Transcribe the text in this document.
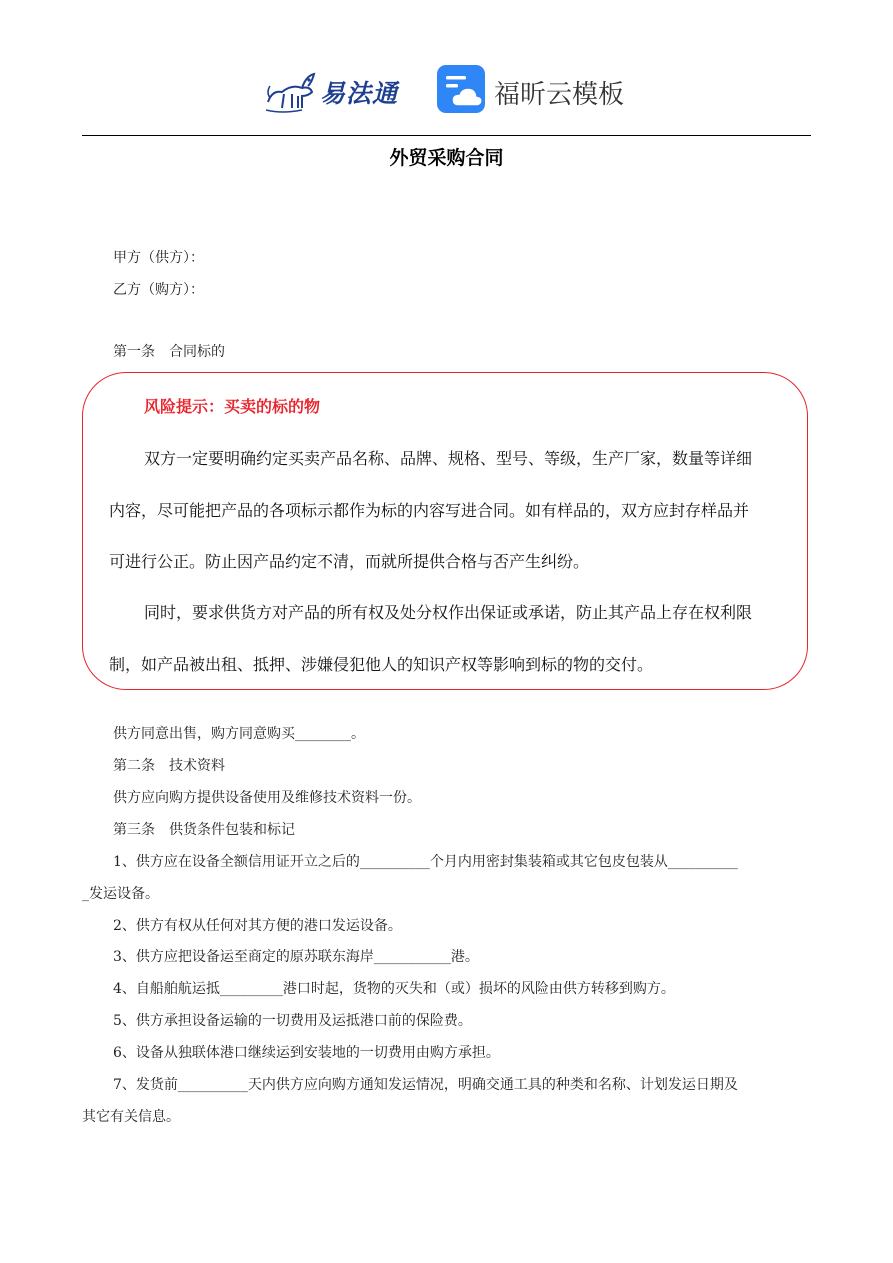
易法通	福昕云模板
外贸采购合同
甲方（供方）：
乙方（购方）：
第一条　合同标的
风险提示：买卖的标的物
双方一定要明确约定买卖产品名称、品牌、规格、型号、等级，生产厂家，数量等详细
内容，尽可能把产品的各项标示都作为标的内容写进合同。如有样品的，双方应封存样品并
可进行公正。防止因产品约定不清，而就所提供合格与否产生纠纷。
同时，要求供货方对产品的所有权及处分权作出保证或承诺，防止其产品上存在权利限
制，如产品被出租、抵押、涉嫌侵犯他人的知识产权等影响到标的物的交付。
供方同意出售，购方同意购买________。
第二条　技术资料
供方应向购方提供设备使用及维修技术资料一份。
第三条　供货条件包装和标记
1、供方应在设备全额信用证开立之后的__________个月内用密封集装箱或其它包皮包装从__________
_发运设备。
2、供方有权从任何对其方便的港口发运设备。
3、供方应把设备运至商定的原苏联东海岸___________港。
4、自船舶航运抵_________港口时起，货物的灭失和（或）损坏的风险由供方转移到购方。
5、供方承担设备运输的一切费用及运抵港口前的保险费。
6、设备从独联体港口继续运到安装地的一切费用由购方承担。
7、发货前__________天内供方应向购方通知发运情况，明确交通工具的种类和名称、计划发运日期及
其它有关信息。
